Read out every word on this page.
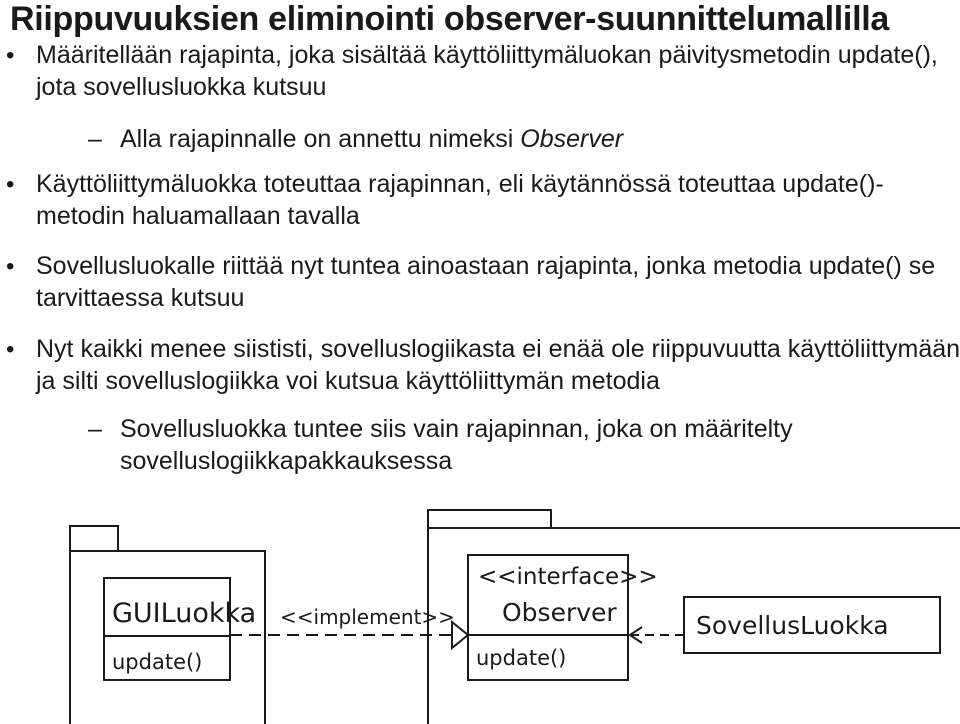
Riippuvuuksien eliminointi observer-suunnittelumallilla
•
Määritellään rajapinta, joka sisältää käyttöliittymäluokan päivitysmetodin update(), jota sovellusluokka kutsuu
–
Alla rajapinnalle on annettu nimeksi Observer
•
Käyttöliittymäluokka toteuttaa rajapinnan, eli käytännössä toteuttaa update()-metodin haluamallaan tavalla
•
Sovellusluokalle riittää nyt tuntea ainoastaan rajapinta, jonka metodia update() se tarvittaessa kutsuu
•
Nyt kaikki menee siististi, sovelluslogiikasta ei enää ole riippuvuutta käyttöliittymään ja silti sovelluslogiikka voi kutsua käyttöliittymän metodia
–
Sovellusluokka tuntee siis vain rajapinnan, joka on määritelty sovelluslogiikkapakkauksessa
GUILuokka
update()
<<implement>>
<<interface>>
Observer
update()
SovellusLuokka
